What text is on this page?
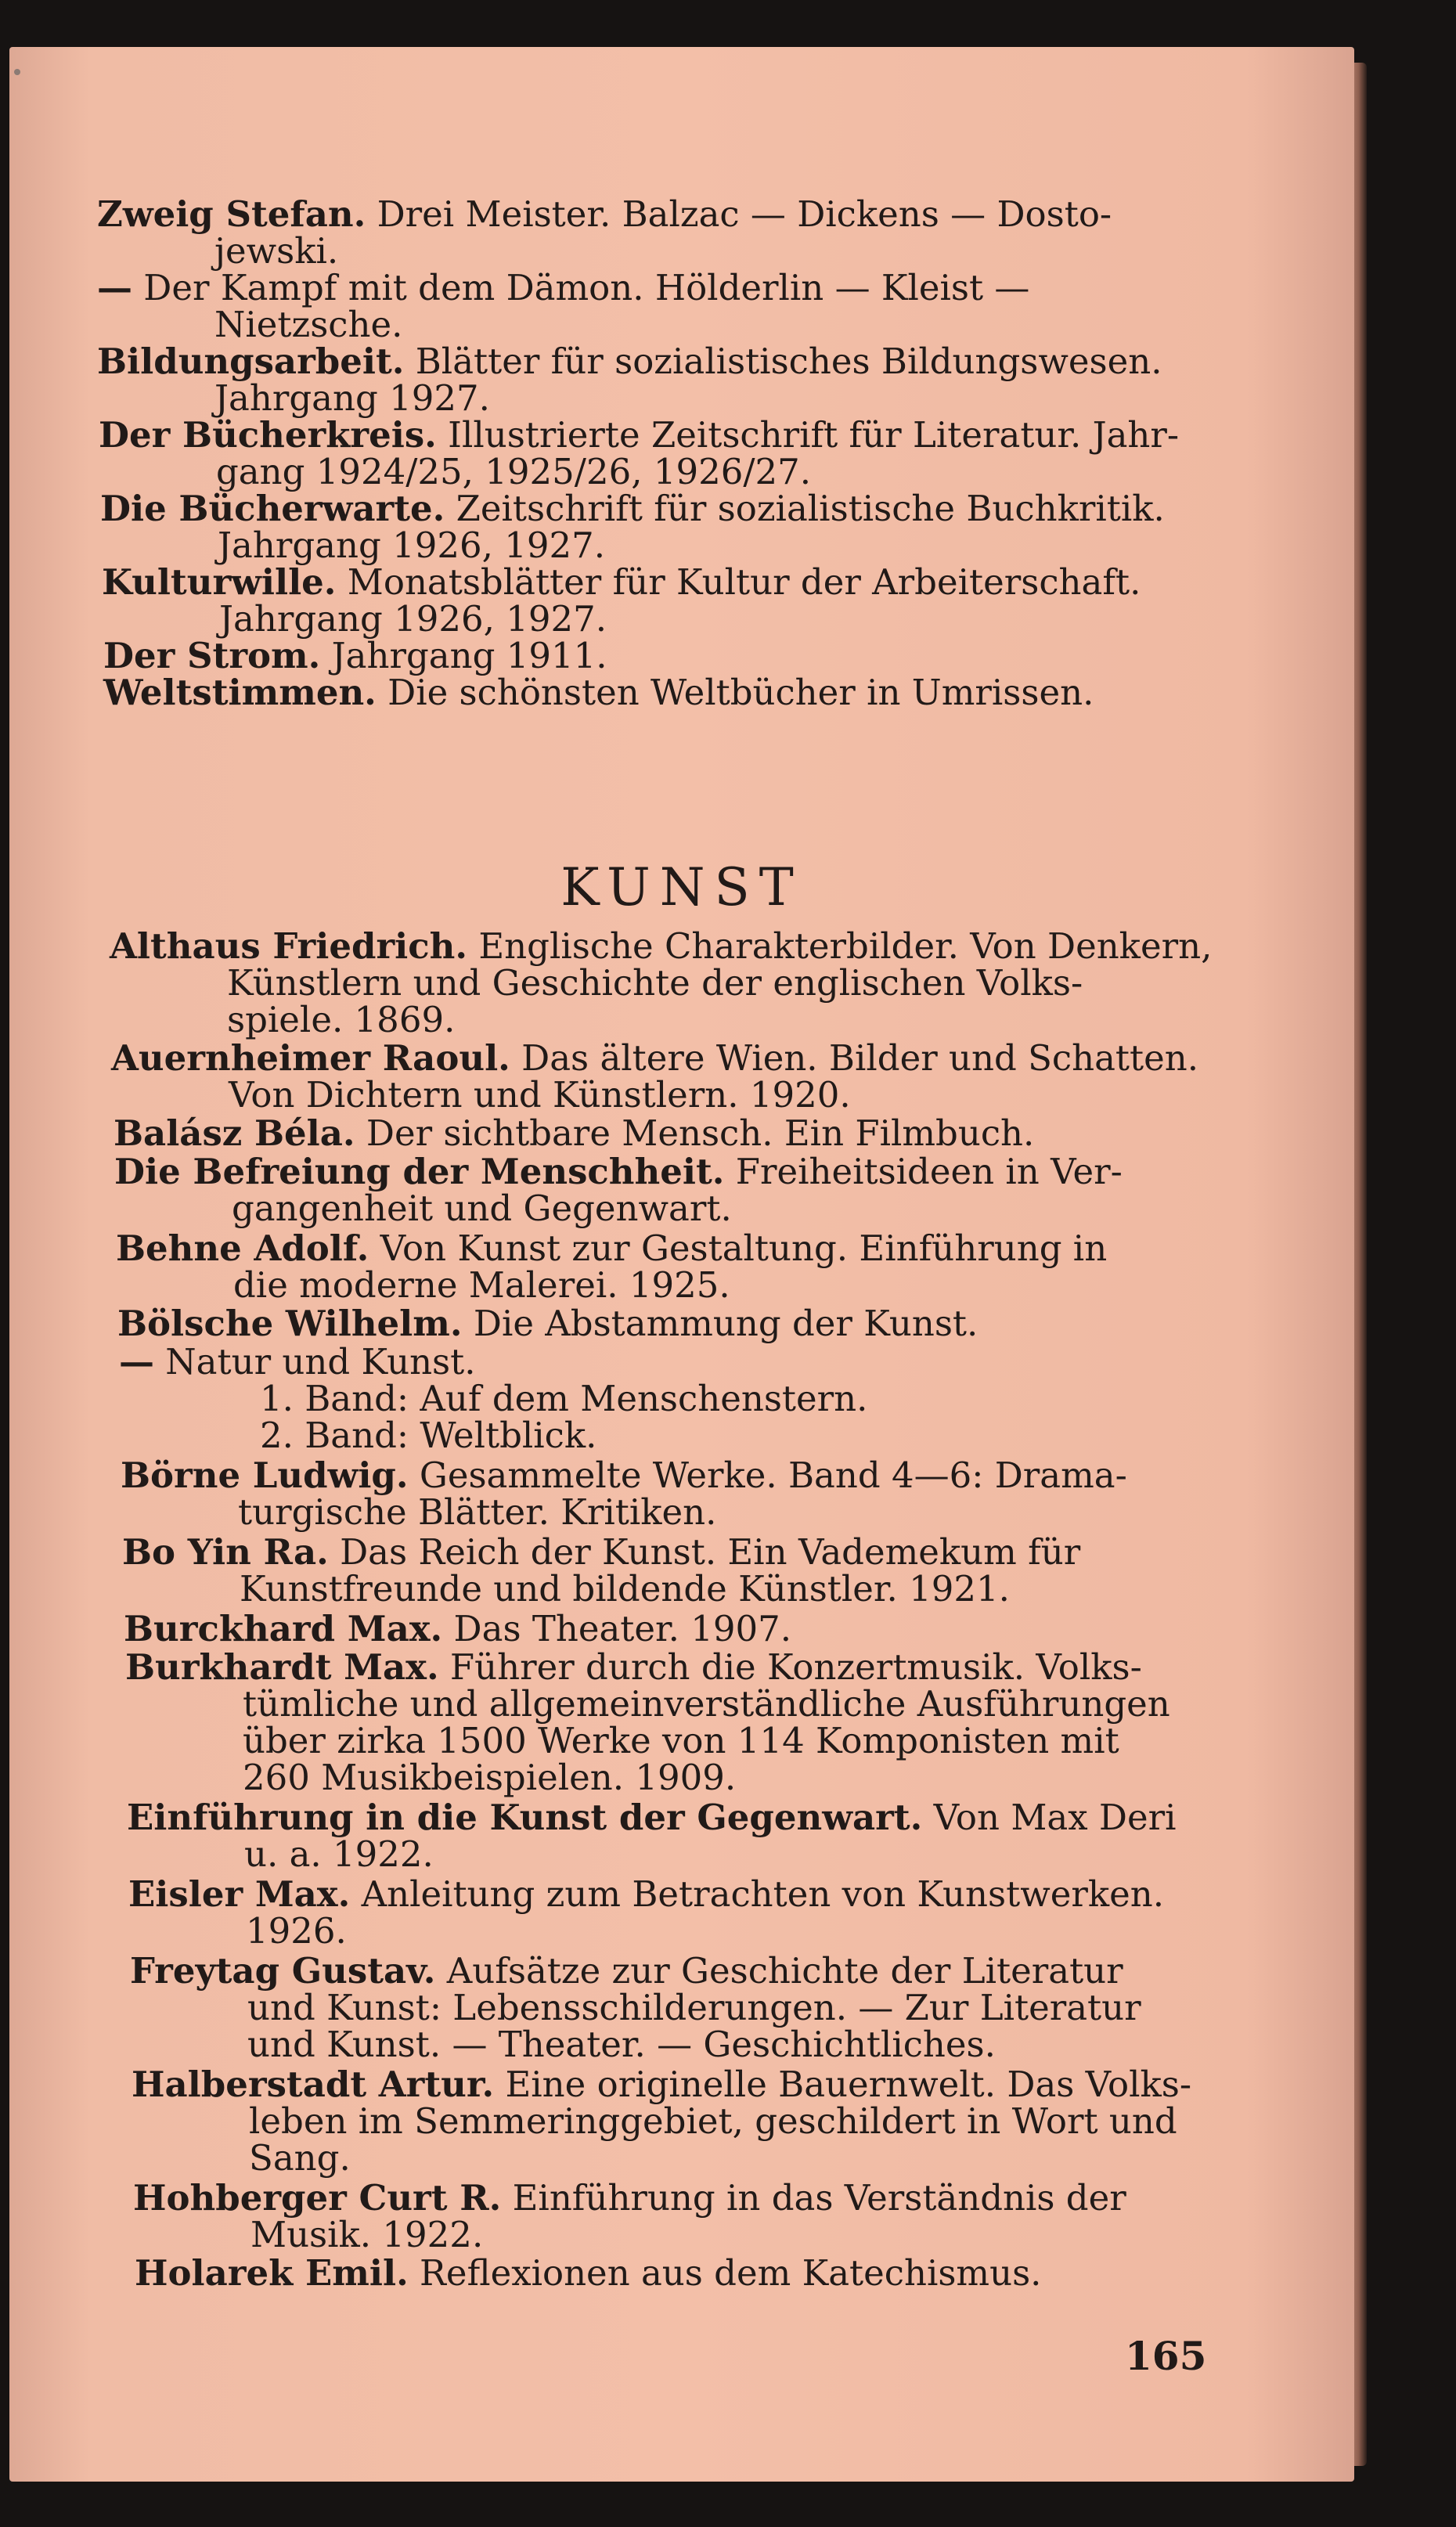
Zweig Stefan. Drei Meister. Balzac — Dickens — Dosto-
jewski.
— Der Kampf mit dem Dämon. Hölderlin — Kleist —
Nietzsche.
Bildungsarbeit. Blätter für sozialistisches Bildungswesen.
Jahrgang 1927.
Der Bücherkreis. Illustrierte Zeitschrift für Literatur. Jahr-
gang 1924/25, 1925/26, 1926/27.
Die Bücherwarte. Zeitschrift für sozialistische Buchkritik.
Jahrgang 1926, 1927.
Kulturwille. Monatsblätter für Kultur der Arbeiterschaft.
Jahrgang 1926, 1927.
Der Strom. Jahrgang 1911.
Weltstimmen. Die schönsten Weltbücher in Umrissen.
KUNST
Althaus Friedrich. Englische Charakterbilder. Von Denkern,
Künstlern und Geschichte der englischen Volks-
spiele. 1869.
Auernheimer Raoul. Das ältere Wien. Bilder und Schatten.
Von Dichtern und Künstlern. 1920.
Balász Béla. Der sichtbare Mensch. Ein Filmbuch.
Die Befreiung der Menschheit. Freiheitsideen in Ver-
gangenheit und Gegenwart.
Behne Adolf. Von Kunst zur Gestaltung. Einführung in
die moderne Malerei. 1925.
Bölsche Wilhelm. Die Abstammung der Kunst.
— Natur und Kunst.
1. Band: Auf dem Menschenstern.
2. Band: Weltblick.
Börne Ludwig. Gesammelte Werke. Band 4—6: Drama-
turgische Blätter. Kritiken.
Bo Yin Ra. Das Reich der Kunst. Ein Vademekum für
Kunstfreunde und bildende Künstler. 1921.
Burckhard Max. Das Theater. 1907.
Burkhardt Max. Führer durch die Konzertmusik. Volks-
tümliche und allgemeinverständliche Ausführungen
über zirka 1500 Werke von 114 Komponisten mit
260 Musikbeispielen. 1909.
Einführung in die Kunst der Gegenwart. Von Max Deri
u. a. 1922.
Eisler Max. Anleitung zum Betrachten von Kunstwerken.
1926.
Freytag Gustav. Aufsätze zur Geschichte der Literatur
und Kunst: Lebensschilderungen. — Zur Literatur
und Kunst. — Theater. — Geschichtliches.
Halberstadt Artur. Eine originelle Bauernwelt. Das Volks-
leben im Semmeringgebiet, geschildert in Wort und
Sang.
Hohberger Curt R. Einführung in das Verständnis der
Musik. 1922.
Holarek Emil. Reflexionen aus dem Katechismus.
165
